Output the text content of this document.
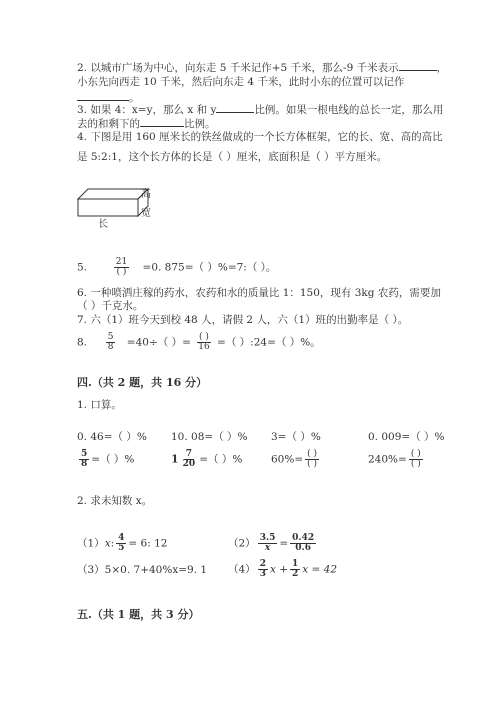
2. 以城市广场为中心，向东走 5 千米记作+5 千米，那么-9 千米表示	，
小东先向西走 10 千米，然后向东走 4 千米，此时小东的位置可以记作
。
3. 如果 4：x=y，那么 x 和 y	比例。如果一根电线的总长一定，那么用
去的和剩下的	比例。
4. 下图是用 160 厘米长的铁丝做成的一个长方体框架，它的长、宽、高的高比
是 5:2:1，这个长方体的长是（ ）厘米，底面积是（ ）平方厘米。
高
长
宽
5.	$\frac{21}{( )} =0$. 875=（ ）%=7:（ ）。
6. 一种喷洒庄稼的药水，农药和水的质量比 1：150，现有 3kg 农药，需要加
（ ）千克水。
7. 六（1）班今天到校 48 人，请假 2 人，六（1）班的出勤率是（ ）。
8. $\frac{5}{8} =40\div$（ ）= $\frac{( )}{16}$ =（ ）:24=（ ）%。
四.（共 2 题，共 16 分）
1. 口算。
0. 46=（ ）% 10. 08=（ ）% 3=（ ）%	0. 009=（ ）%
$\frac{5}{8}$ =（ ）%	$1 \frac{7}{20}$ =（ ）%	$60\%= \frac{( )}{( )}$	$240\%= \frac{( )}{( )}$
2. 求未知数 x。
（1）x: $\frac{4}{5} = 6$: 12	$(2) \frac{3.5}{x} = \frac{0.42}{0.6}$
（3）5×0. 7+40%x=9. 1 $(4) \frac{2}{3}$ $x + \frac{1}{2}$ x = 42
五.（共 1 题，共 3 分）
